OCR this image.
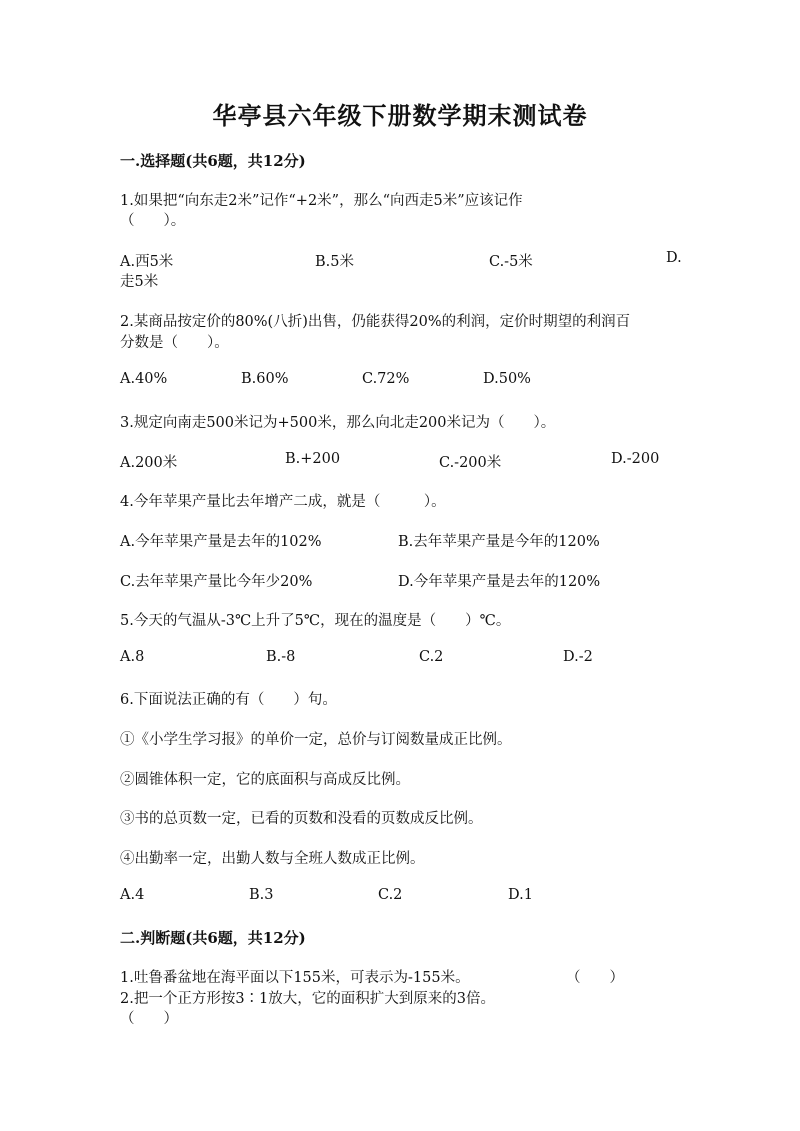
华亭县六年级下册数学期末测试卷
一.选择题(共6题，共12分)
1.如果把“向东走2米”记作“+2米”，那么“向西走5米”应该记作
（　　）。
A.西5米	B.5米	C.-5米	D.
走5米
2.某商品按定价的80%(八折)出售，仍能获得20%的利润，定价时期望的利润百
分数是（　　）。
A.40%	B.60%	C.72%	D.50%
3.规定向南走500米记为+500米，那么向北走200米记为（　　）。
A.200米	B.+200	C.-200米	D.-200
4.今年苹果产量比去年增产二成，就是（　　　）。
A.今年苹果产量是去年的102%	B.去年苹果产量是今年的120%
C.去年苹果产量比今年少20%	D.今年苹果产量是去年的120%
5.今天的气温从-3℃上升了5℃，现在的温度是（　　）℃。
A.8	B.-8	C.2	D.-2
6.下面说法正确的有（　　）句。
①《小学生学习报》的单价一定，总价与订阅数量成正比例。
②圆锥体积一定，它的底面积与高成反比例。
③书的总页数一定，已看的页数和没看的页数成反比例。
④出勤率一定，出勤人数与全班人数成正比例。
A.4	B.3	C.2	D.1
二.判断题(共6题，共12分)
1.吐鲁番盆地在海平面以下155米，可表示为-155米。	（　　）
2.把一个正方形按3∶1放大，它的面积扩大到原来的3倍。
（　　）
